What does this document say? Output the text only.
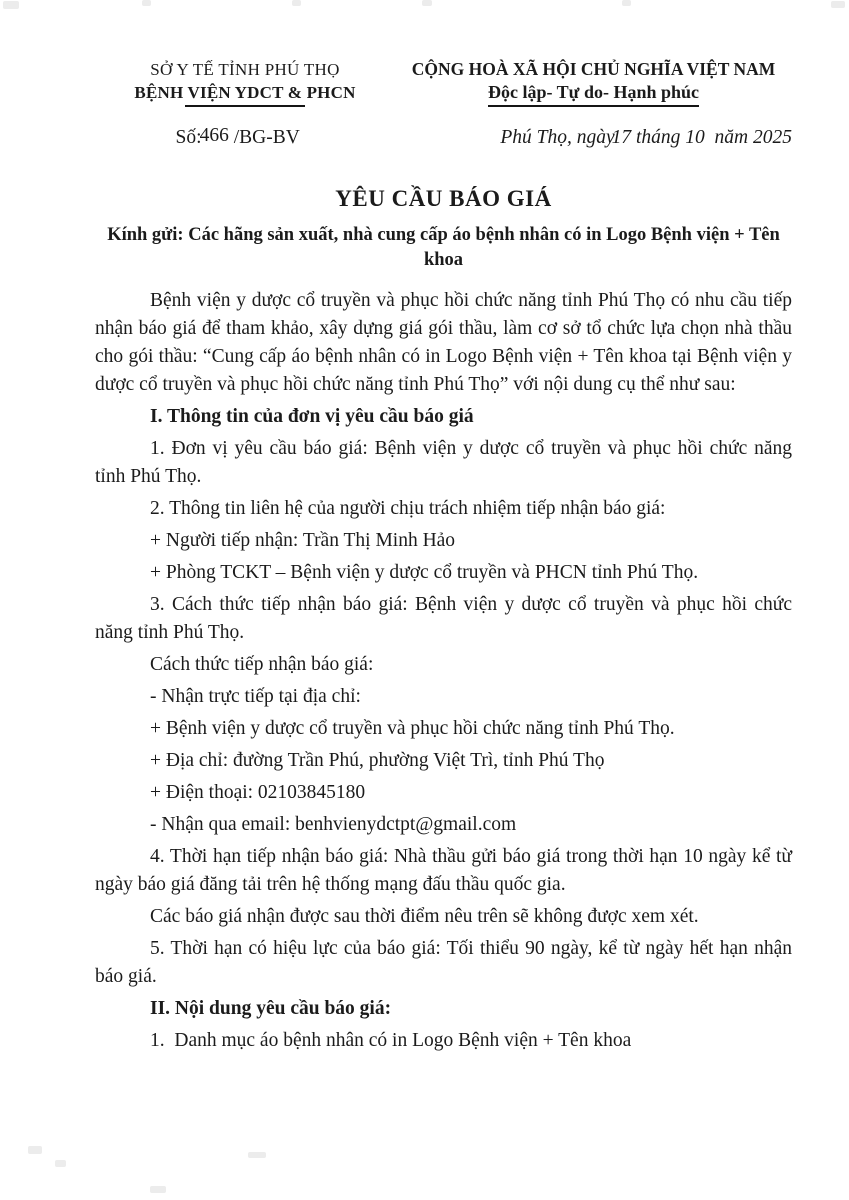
SỞ Y TẾ TỈNH PHÚ THỌ
BỆNH VIỆN YDCT & PHCN
CỘNG HOÀ XÃ HỘI CHỦ NGHĨA VIỆT NAM
Độc lập- Tự do- Hạnh phúc
Số:466 /BG-BV	Phú Thọ, ngày17 tháng 10  năm 2025
YÊU CẦU BÁO GIÁ
Kính gửi: Các hãng sản xuất, nhà cung cấp áo bệnh nhân có in Logo Bệnh viện + Tên
khoa

Bệnh viện y dược cổ truyền và phục hồi chức năng tỉnh Phú Thọ có nhu cầu tiếp nhận báo giá để tham khảo, xây dựng giá gói thầu, làm cơ sở tổ chức lựa chọn nhà thầu cho gói thầu: “Cung cấp áo bệnh nhân có in Logo Bệnh viện + Tên khoa tại Bệnh viện y dược cổ truyền và phục hồi chức năng tỉnh Phú Thọ” với nội dung cụ thể như sau:

I. Thông tin của đơn vị yêu cầu báo giá

1. Đơn vị yêu cầu báo giá: Bệnh viện y dược cổ truyền và phục hồi chức năng tỉnh Phú Thọ.

2. Thông tin liên hệ của người chịu trách nhiệm tiếp nhận báo giá:

+ Người tiếp nhận: Trần Thị Minh Hảo

+ Phòng TCKT – Bệnh viện y dược cổ truyền và PHCN tỉnh Phú Thọ.

3. Cách thức tiếp nhận báo giá: Bệnh viện y dược cổ truyền và phục hồi chức năng tỉnh Phú Thọ.

Cách thức tiếp nhận báo giá:

- Nhận trực tiếp tại địa chỉ:

+ Bệnh viện y dược cổ truyền và phục hồi chức năng tỉnh Phú Thọ.

+ Địa chỉ: đường Trần Phú, phường Việt Trì, tỉnh Phú Thọ

+ Điện thoại: 02103845180

- Nhận qua email: benhvienydctpt@gmail.com

4. Thời hạn tiếp nhận báo giá: Nhà thầu gửi báo giá trong thời hạn 10 ngày kể từ ngày báo giá đăng tải trên hệ thống mạng đấu thầu quốc gia.

Các báo giá nhận được sau thời điểm nêu trên sẽ không được xem xét.

5. Thời hạn có hiệu lực của báo giá: Tối thiểu 90 ngày, kể từ ngày hết hạn nhận báo giá.

II. Nội dung yêu cầu báo giá:

1.  Danh mục áo bệnh nhân có in Logo Bệnh viện + Tên khoa
